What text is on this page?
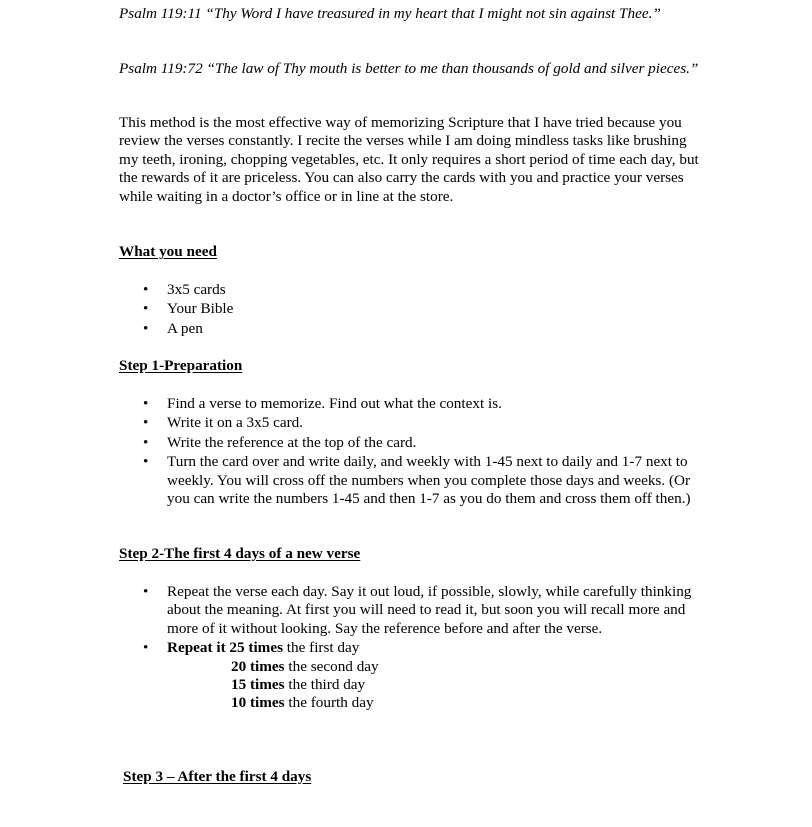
Psalm 119:11 “Thy Word I have treasured in my heart that I might not sin against Thee.”

Psalm 119:72 “The law of Thy mouth is better to me than thousands of gold and silver pieces.”

This method is the most effective way of memorizing Scripture that I have tried because you review the verses constantly. I recite the verses while I am doing mindless tasks like brushing my teeth, ironing, chopping vegetables, etc. It only requires a short period of time each day, but the rewards of it are priceless. You can also carry the cards with you and practice your verses while waiting in a doctor’s office or in line at the store.

What you need
•	3x5 cards
•	Your Bible
•	A pen
Step 1-Preparation
•	Find a verse to memorize. Find out what the context is.
•	Write it on a 3x5 card.
•	Write the reference at the top of the card.
•	Turn the card over and write daily, and weekly with 1-45 next to daily and 1-7 next to weekly. You will cross off the numbers when you complete those days and weeks. (Or you can write the numbers 1-45 and then 1-7 as you do them and cross them off then.)
Step 2-The first 4 days of a new verse
•	Repeat the verse each day. Say it out loud, if possible, slowly, while carefully thinking about the meaning. At first you will need to read it, but soon you will recall more and more of it without looking. Say the reference before and after the verse.
•	Repeat it 25 times the first day
20 times the second day
15 times the third day
10 times the fourth day
Step 3 – After the first 4 days
